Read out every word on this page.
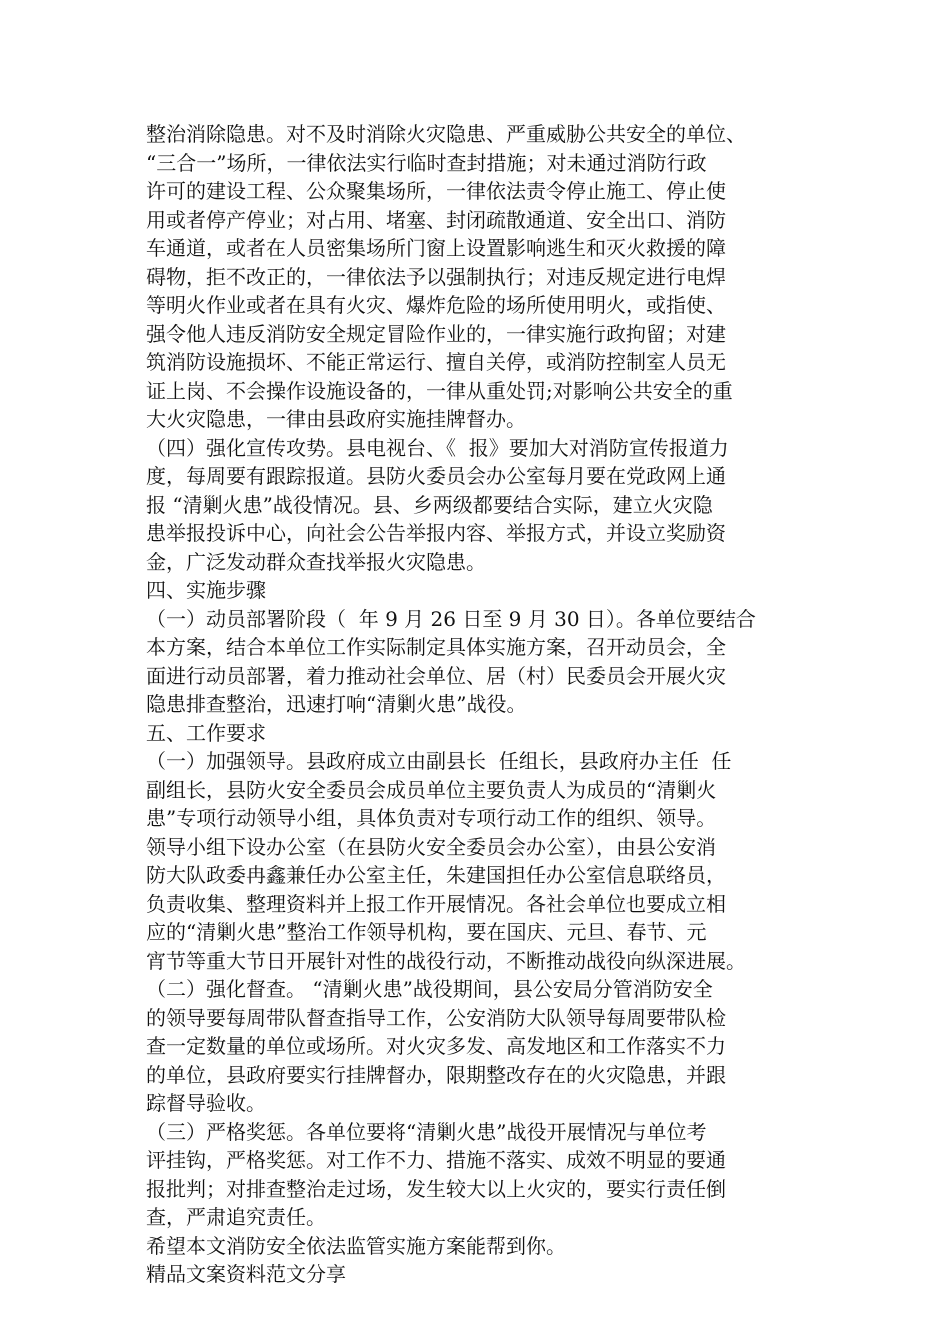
整治消除隐患。对不及时消除火灾隐患、严重威胁公共安全的单位、
“三合一”场所，一律依法实行临时查封措施；对未通过消防行政
许可的建设工程、公众聚集场所，一律依法责令停止施工、停止使
用或者停产停业；对占用、堵塞、封闭疏散通道、安全出口、消防
车通道，或者在人员密集场所门窗上设置影响逃生和灭火救援的障
碍物，拒不改正的，一律依法予以强制执行；对违反规定进行电焊
等明火作业或者在具有火灾、爆炸危险的场所使用明火，或指使、
强令他人违反消防安全规定冒险作业的，一律实施行政拘留；对建
筑消防设施损坏、不能正常运行、擅自关停，或消防控制室人员无
证上岗、不会操作设施设备的，一律从重处罚;对影响公共安全的重
大火灾隐患，一律由县政府实施挂牌督办。
（四）强化宣传攻势。县电视台、《  报》要加大对消防宣传报道力
度，每周要有跟踪报道。县防火委员会办公室每月要在党政网上通
报 “清剿火患”战役情况。县、乡两级都要结合实际，建立火灾隐
患举报投诉中心，向社会公告举报内容、举报方式，并设立奖励资
金，广泛发动群众查找举报火灾隐患。
四、实施步骤
（一）动员部署阶段（  年 9 月 26 日至 9 月 30 日）。各单位要结合
本方案，结合本单位工作实际制定具体实施方案，召开动员会，全
面进行动员部署，着力推动社会单位、居（村）民委员会开展火灾
隐患排查整治，迅速打响“清剿火患”战役。
五、工作要求
（一）加强领导。县政府成立由副县长  任组长，县政府办主任  任
副组长，县防火安全委员会成员单位主要负责人为成员的“清剿火
患”专项行动领导小组，具体负责对专项行动工作的组织、领导。
领导小组下设办公室（在县防火安全委员会办公室），由县公安消
防大队政委冉鑫兼任办公室主任，朱建国担任办公室信息联络员，
负责收集、整理资料并上报工作开展情况。各社会单位也要成立相
应的“清剿火患”整治工作领导机构，要在国庆、元旦、春节、元
宵节等重大节日开展针对性的战役行动，不断推动战役向纵深进展。
（二）强化督查。 “清剿火患”战役期间，县公安局分管消防安全
的领导要每周带队督查指导工作，公安消防大队领导每周要带队检
查一定数量的单位或场所。对火灾多发、高发地区和工作落实不力
的单位，县政府要实行挂牌督办，限期整改存在的火灾隐患，并跟
踪督导验收。
（三）严格奖惩。各单位要将“清剿火患”战役开展情况与单位考
评挂钩，严格奖惩。对工作不力、措施不落实、成效不明显的要通
报批判；对排查整治走过场，发生较大以上火灾的，要实行责任倒
查，严肃追究责任。
希望本文消防安全依法监管实施方案能帮到你。
精品文案资料范文分享
